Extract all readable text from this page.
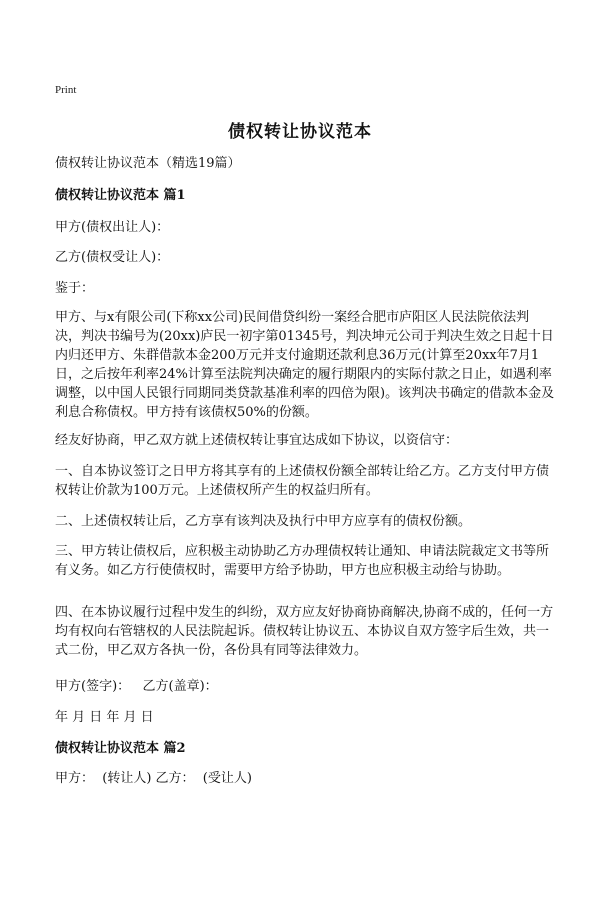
Print
债权转让协议范本

债权转让协议范本（精选19篇）

债权转让协议范本 篇1

甲方(债权出让人)：

乙方(债权受让人)：

鉴于：

甲方、与x有限公司(下称xx公司)民间借贷纠纷一案经合肥市庐阳区人民法院依法判决，判决书编号为(20xx)庐民一初字第01345号，判决坤元公司于判决生效之日起十日内归还甲方、朱群借款本金200万元并支付逾期还款利息36万元(计算至20xx年7月1日，之后按年利率24%计算至法院判决确定的履行期限内的实际付款之日止，如遇利率调整，以中国人民银行同期同类贷款基准利率的四倍为限)。该判决书确定的借款本金及利息合称债权。甲方持有该债权50%的份额。

经友好协商，甲乙双方就上述债权转让事宜达成如下协议，以资信守：

一、自本协议签订之日甲方将其享有的上述债权份额全部转让给乙方。乙方支付甲方债权转让价款为100万元。上述债权所产生的权益归所有。

二、上述债权转让后，乙方享有该判决及执行中甲方应享有的债权份额。

三、甲方转让债权后，应积极主动协助乙方办理债权转让通知、申请法院裁定文书等所有义务。如乙方行使债权时，需要甲方给予协助，甲方也应积极主动给与协助。

四、在本协议履行过程中发生的纠纷，双方应友好协商协商解决,协商不成的，任何一方均有权向右管辖权的人民法院起诉。债权转让协议五、本协议自双方签字后生效，共一式二份，甲乙双方各执一份，各份具有同等法律效力。

甲方(签字)：   乙方(盖章)：

年 月 日 年 月 日

债权转让协议范本 篇2

甲方：  (转让人) 乙方：  (受让人)
